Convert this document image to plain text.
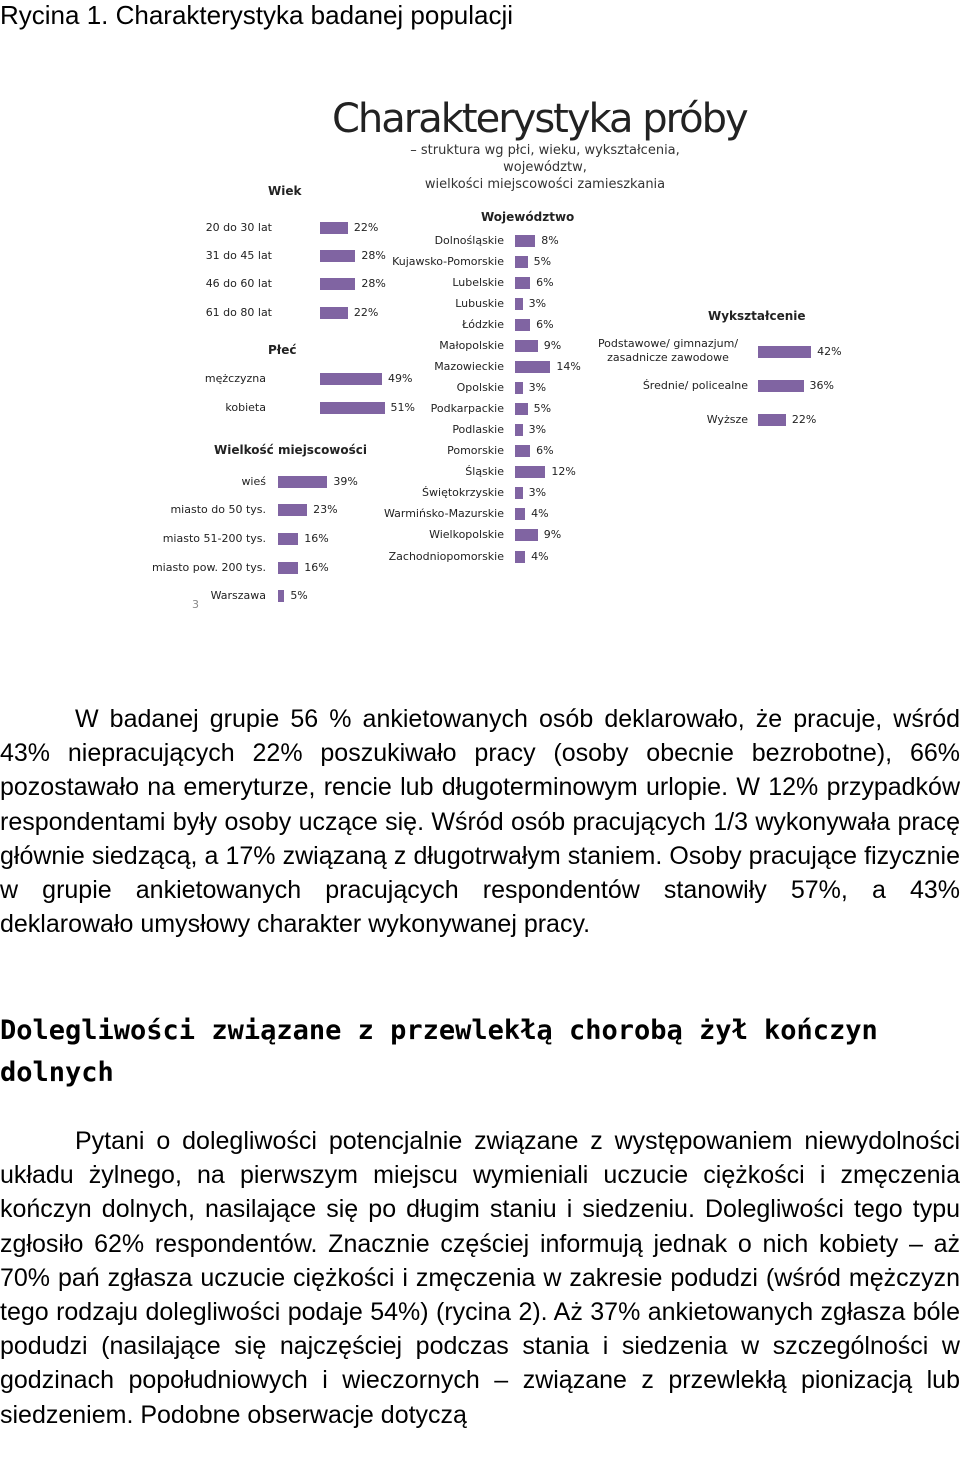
Rycina 1. Charakterystyka badanej populacji
Charakterystyka próby
– struktura wg płci, wieku, wykształcenia, województw,
wielkości miejscowości zamieszkania
Wiek
20 do 30 lat	22%
31 do 45 lat	28%
46 do 60 lat	28%
61 do 80 lat	22%
Płeć
mężczyzna	49%
kobieta	51%
Wielkość miejscowości
wieś	39%
miasto do 50 tys.	23%
miasto 51-200 tys.	16%
miasto pow. 200 tys.	16%
Warszawa 5%
Województwo
Dolnośląskie	8%
Kujawsko-Pomorskie	5%
Lubelskie	6%
Lubuskie 3%
Łódzkie	6%
Małopolskie	9%
Mazowieckie	14%
Opolskie 3%
Podkarpackie	5%
Podlaskie 3%
Pomorskie	6%
Śląskie	12%
Świętokrzyskie 3%
Warmińsko-Mazurskie 4%
Wielkopolskie	9%
Zachodniopomorskie 4%
Wykształcenie
Podstawowe/ gimnazjum/ zasadnicze zawodowe	42%
Średnie/ policealne	36%
Wyższe	22%
3

W badanej grupie 56 % ankietowanych osób deklarowało, że pracuje, wśród 43% niepracujących 22% poszukiwało pracy (osoby obecnie bezrobotne), 66% pozostawało na emeryturze, rencie lub długoterminowym urlopie. W 12% przypadków respondentami były osoby uczące się. Wśród osób pracujących 1/3 wykonywała pracę głównie siedzącą, a 17% związaną z długotrwałym staniem. Osoby pracujące fizycznie w grupie ankietowanych pracujących respondentów stanowiły 57%, a 43% deklarowało umysłowy charakter wykonywanej pracy.

Dolegliwości związane z przewlekłą chorobą żył kończyn dolnych

Pytani o dolegliwości potencjalnie związane z występowaniem niewydolności układu żylnego, na pierwszym miejscu wymieniali uczucie ciężkości i zmęczenia kończyn dolnych, nasilające się po długim staniu i siedzeniu. Dolegliwości tego typu zgłosiło 62% respondentów. Znacznie częściej informują jednak o nich kobiety – aż 70% pań zgłasza uczucie ciężkości i zmęczenia w zakresie podudzi (wśród mężczyzn tego rodzaju dolegliwości podaje 54%) (rycina 2). Aż 37% ankietowanych zgłasza bóle podudzi (nasilające się najczęściej podczas stania i siedzenia w szczególności w godzinach popołudniowych i wieczornych – związane z przewlekłą pionizacją lub siedzeniem. Podobne obserwacje dotyczą
